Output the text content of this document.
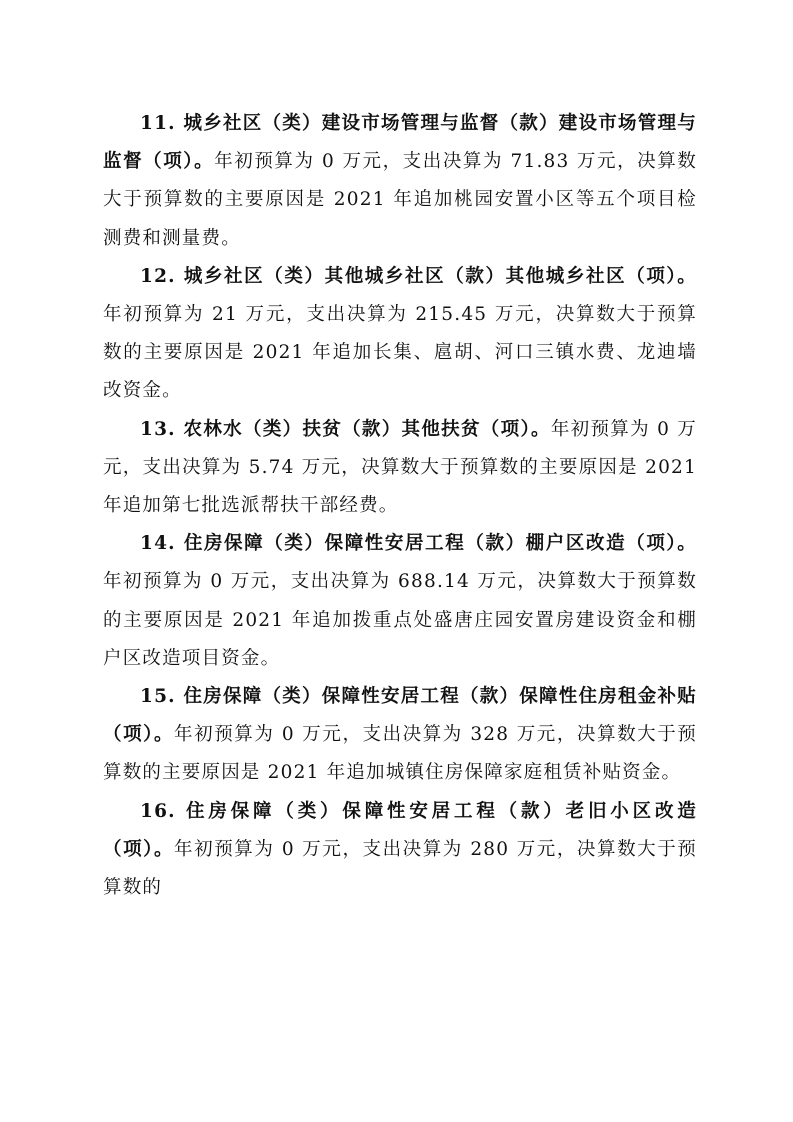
11. 城乡社区（类）建设市场管理与监督（款）建设市场管理与监督（项）。年初预算为 0 万元，支出决算为 71.83 万元，决算数大于预算数的主要原因是 2021 年追加桃园安置小区等五个项目检测费和测量费。

12. 城乡社区（类）其他城乡社区（款）其他城乡社区（项）。年初预算为 21 万元，支出决算为 215.45 万元，决算数大于预算数的主要原因是 2021 年追加长集、扈胡、河口三镇水费、龙迪墙改资金。

13. 农林水（类）扶贫（款）其他扶贫（项）。年初预算为 0 万元，支出决算为 5.74 万元，决算数大于预算数的主要原因是 2021 年追加第七批选派帮扶干部经费。

14. 住房保障（类）保障性安居工程（款）棚户区改造（项）。年初预算为 0 万元，支出决算为 688.14 万元，决算数大于预算数的主要原因是 2021 年追加拨重点处盛唐庄园安置房建设资金和棚户区改造项目资金。

15. 住房保障（类）保障性安居工程（款）保障性住房租金补贴（项）。年初预算为 0 万元，支出决算为 328 万元，决算数大于预算数的主要原因是 2021 年追加城镇住房保障家庭租赁补贴资金。

16. 住房保障（类）保障性安居工程（款）老旧小区改造（项）。年初预算为 0 万元，支出决算为 280 万元，决算数大于预算数的
